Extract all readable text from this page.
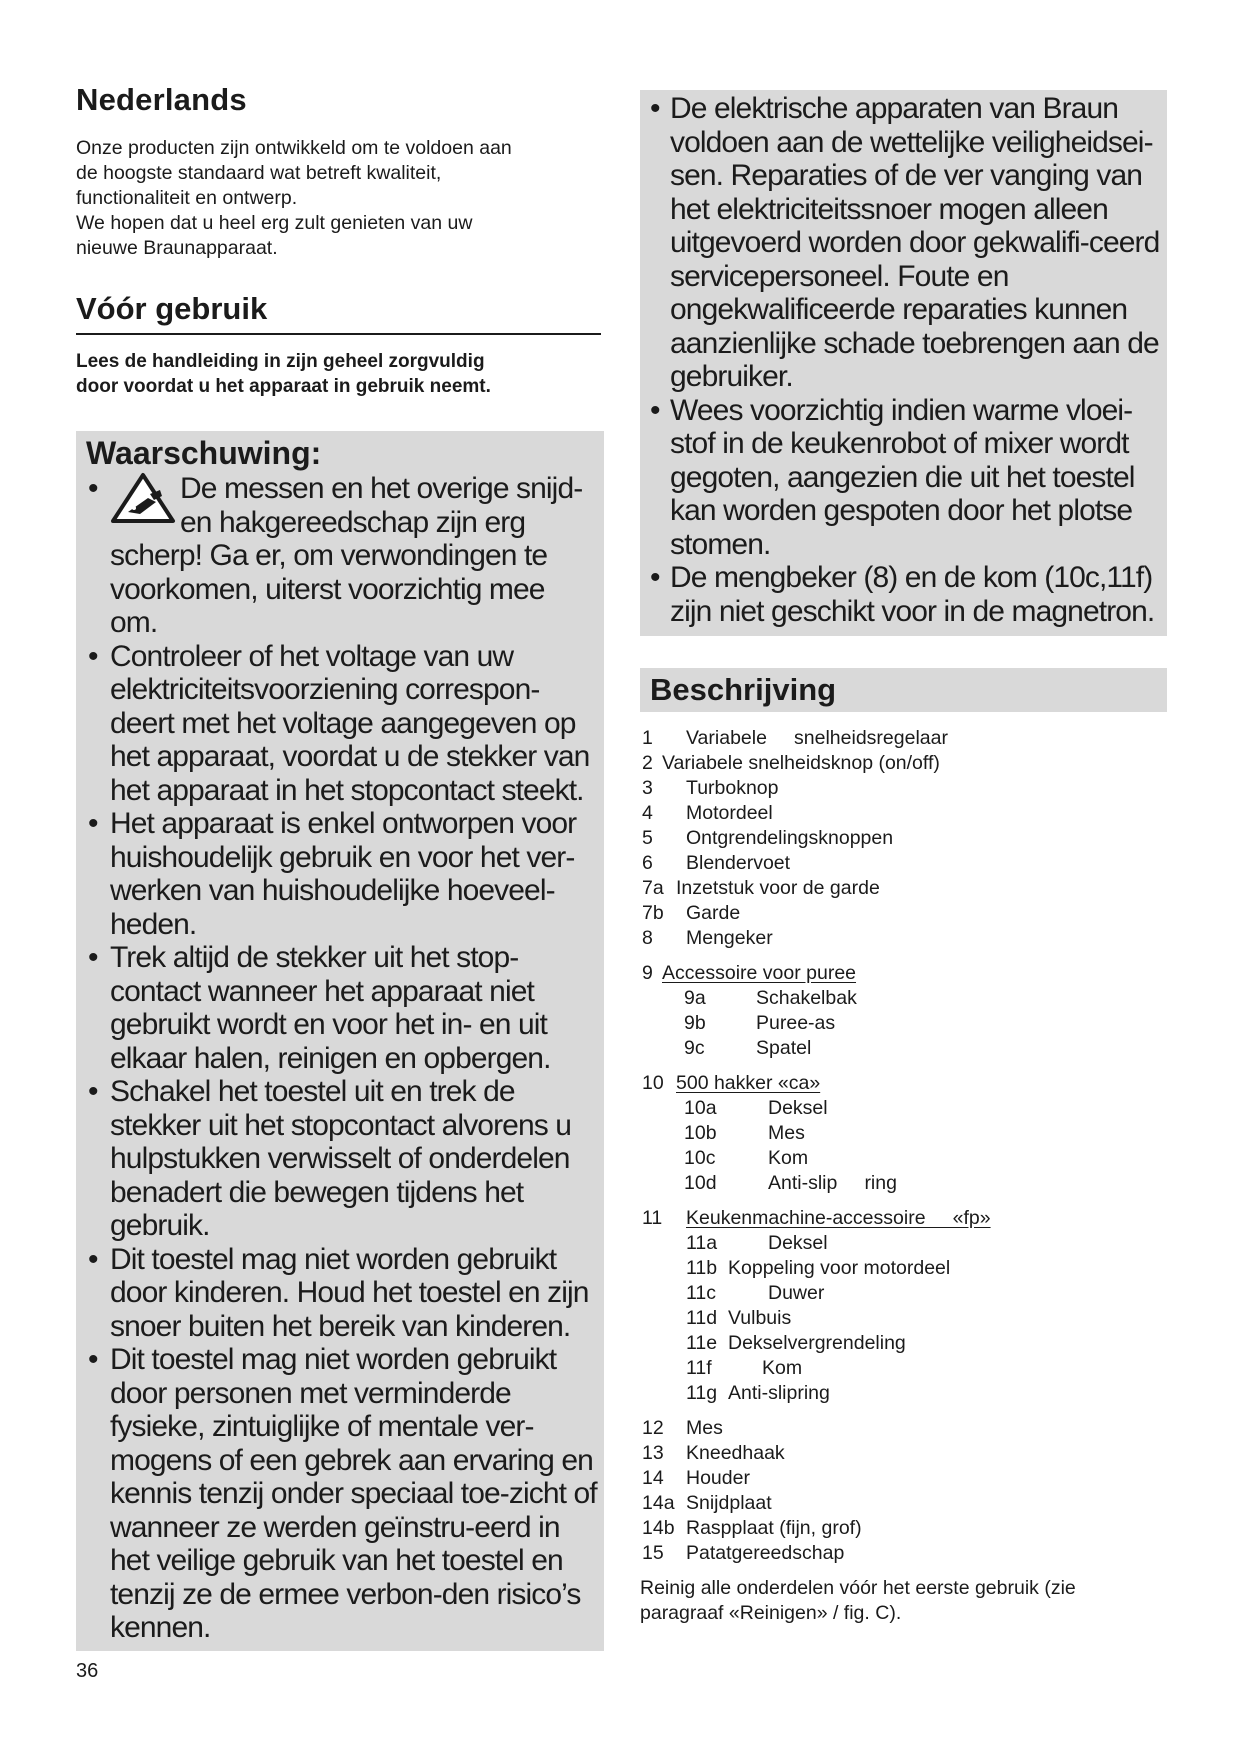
Nederlands

Onze producten zijn ontwikkeld om te voldoen aan

de hoogste standaard wat betreft kwaliteit,

functionaliteit en ontwerp.

We hopen dat u heel erg zult genieten van uw

nieuwe Braunapparaat.

Vóór gebruik
Lees de handleiding in zijn geheel zorgvuldig
door voordat u het apparaat in gebruik neemt.
Waarschuwing:
•	De messen en het overige snijd- en hakgereedschap zijn erg scherp! Ga er, om verwondingen te voorkomen, uiterst voorzichtig mee om.
• Controleer of het voltage van uw elektriciteitsvoorziening correspon-deert met het voltage aangegeven op het apparaat, voordat u de stekker van het apparaat in het stopcontact steekt.
• Het apparaat is enkel ontworpen voor huishoudelijk gebruik en voor het ver-werken van huishoudelijke hoeveel-heden.
• Trek altijd de stekker uit het stop-contact wanneer het apparaat niet gebruikt wordt en voor het in- en uit elkaar halen, reinigen en opbergen.
• Schakel het toestel uit en trek de stekker uit het stopcontact alvorens u hulpstukken verwisselt of onderdelen benadert die bewegen tijdens het gebruik.
• Dit toestel mag niet worden gebruikt door kinderen. Houd het toestel en zijn snoer buiten het bereik van kinderen.
• Dit toestel mag niet worden gebruikt door personen met verminderde fysieke, zintuiglijke of mentale ver-mogens of een gebrek aan ervaring en kennis tenzij onder speciaal toe-zicht of wanneer ze werden geïnstru-eerd in het veilige gebruik van het toestel en tenzij ze de ermee verbon-den risico’s kennen.
• De elektrische apparaten van Braun voldoen aan de wettelijke veiligheidsei-sen. Reparaties of de ver vanging van het elektriciteitssnoer mogen alleen uitgevoerd worden door gekwalifi-ceerd servicepersoneel. Foute en ongekwalificeerde reparaties kunnen aanzienlijke schade toebrengen aan de gebruiker.
• Wees voorzichtig indien warme vloei-stof in de keukenrobot of mixer wordt gegoten, aangezien die uit het toestel kan worden gespoten door het plotse stomen.
• De mengbeker (8) en de kom (10c,11f) zijn niet geschikt voor in de magnetron.
Beschrijving
1 Variabele     snelheidsregelaar
2 Variabele snelheidsknop (on/off)
3 Turboknop
4 Motordeel
5 Ontgrendelingsknoppen
6 Blendervoet
7a Inzetstuk voor de garde
7b Garde
8 Mengeker
9 Accessoire voor puree
9a	Schakelbak
9b	Puree-as
9c	Spatel
10 500 hakker «ca»
10a	Deksel
10b	Mes
10c	Kom
10d	Anti-slip     ring
11 Keukenmachine-accessoire     «fp»
11a	Deksel
11b Koppeling voor motordeel
11c	Duwer
11d Vulbuis
11e Dekselvergrendeling
11f	Kom
11g Anti-slipring
12 Mes
13 Kneedhaak
14 Houder
14a Snijdplaat
14b Raspplaat (fijn, grof)
15 Patatgereedschap
Reinig alle onderdelen vóór het eerste gebruik (zie paragraaf «Reinigen» / fig. C).
36
